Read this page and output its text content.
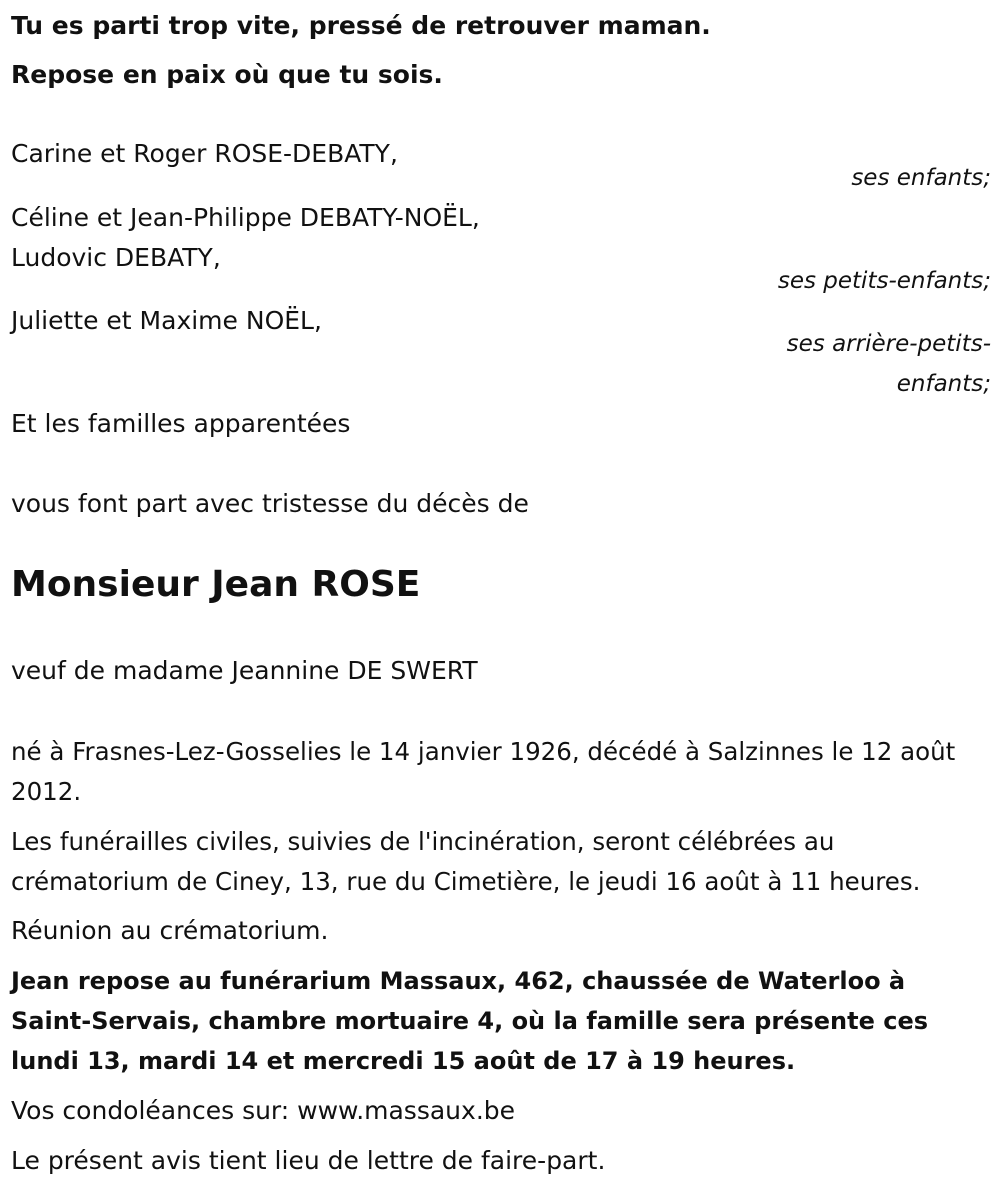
Tu es parti trop vite, pressé de retrouver maman.
Repose en paix où que tu sois.
Carine et Roger ROSE-DEBATY,
ses enfants;
Céline et Jean-Philippe DEBATY-NOËL,
Ludovic DEBATY,
ses petits-enfants;
Juliette et Maxime NOËL,
ses arrière-petits-
enfants;
Et les familles apparentées
vous font part avec tristesse du décès de
Monsieur Jean ROSE
veuf de madame Jeannine DE SWERT
né à Frasnes-Lez-Gosselies le 14 janvier 1926, décédé à Salzinnes le 12 août 2012.
Les funérailles civiles, suivies de l'incinération, seront célébrées au crématorium de Ciney, 13, rue du Cimetière, le jeudi 16 août à 11 heures.
Réunion au crématorium.
Jean repose au funérarium Massaux, 462, chaussée de Waterloo à Saint-Servais, chambre mortuaire 4, où la famille sera présente ces lundi 13, mardi 14 et mercredi 15 août de 17 à 19 heures.
Vos condoléances sur: www.massaux.be
Le présent avis tient lieu de lettre de faire-part.
